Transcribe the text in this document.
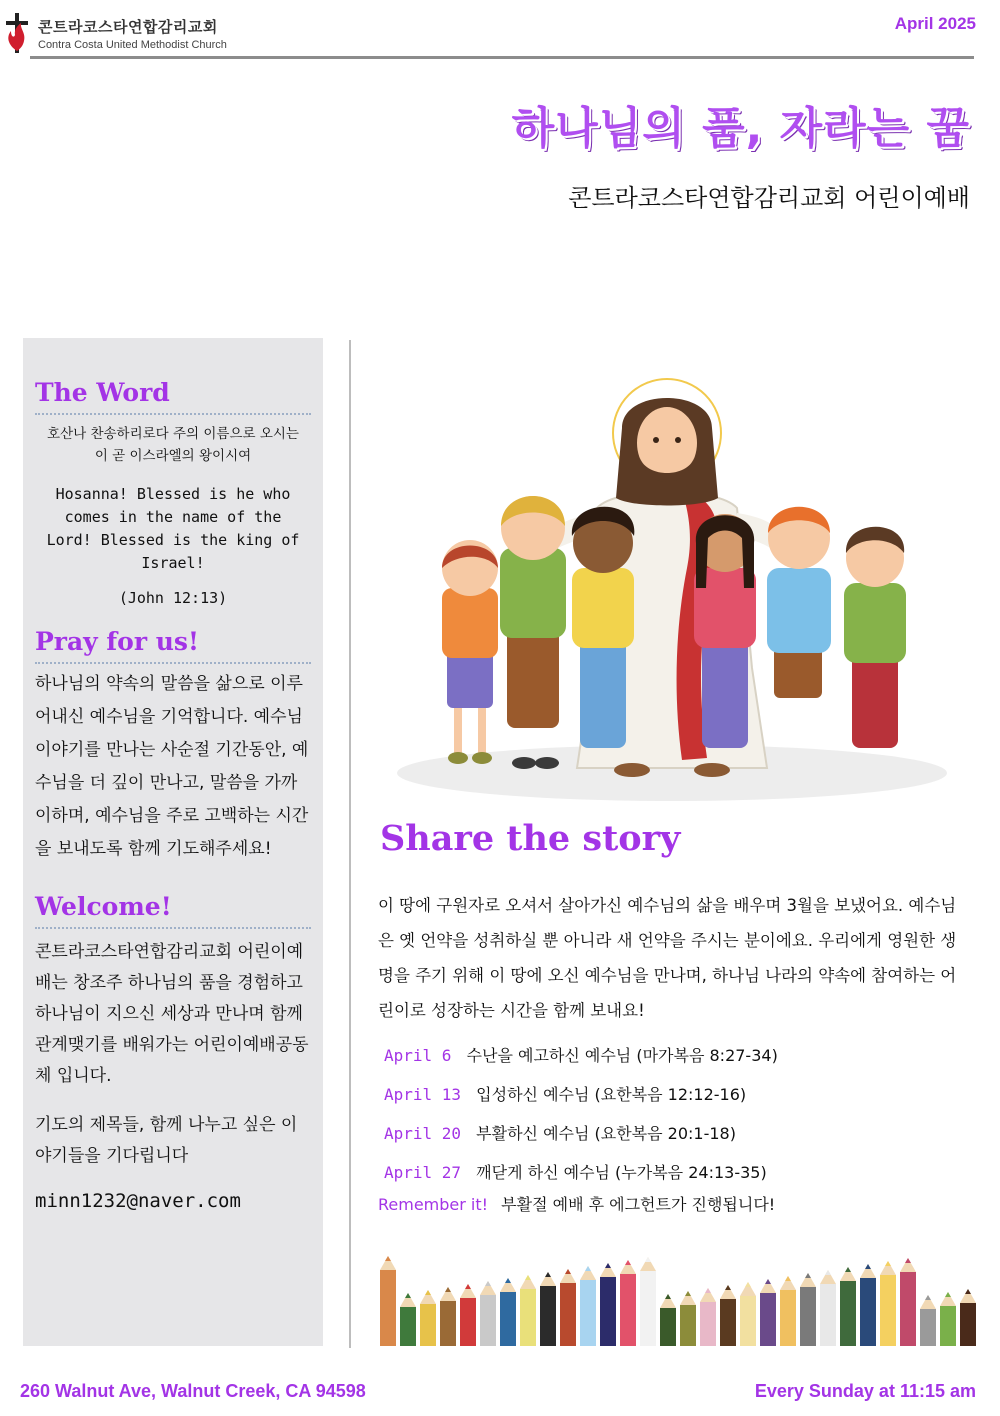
콘트라코스타연합감리교회
Contra Costa United Methodist Church
April 2025
하나님의 품, 자라는 꿈
콘트라코스타연합감리교회 어린이예배
The Word
호산나 찬송하리로다 주의 이름으로 오시는 이 곧 이스라엘의 왕이시여
Hosanna! Blessed is he who comes in the name of the Lord! Blessed is the king of Israel!
(John 12:13)
Pray for us!
하나님의 약속의 말씀을 삶으로 이루어내신 예수님을 기억합니다. 예수님 이야기를 만나는 사순절 기간동안, 예수님을 더 깊이 만나고, 말씀을 가까이하며, 예수님을 주로 고백하는 시간을 보내도록 함께 기도해주세요!
Welcome!
콘트라코스타연합감리교회 어린이예배는 창조주 하나님의 품을 경험하고 하나님이 지으신 세상과 만나며 함께 관계맺기를 배워가는 어린이예배공동체 입니다.
기도의 제목들, 함께 나누고 싶은 이야기들을 기다립니다
minn1232@naver.com
Share the story
이 땅에 구원자로 오셔서 살아가신 예수님의 삶을 배우며 3월을 보냈어요. 예수님은 옛 언약을 성취하실 뿐 아니라 새 언약을 주시는 분이에요. 우리에게 영원한 생명을 주기 위해 이 땅에 오신 예수님을 만나며, 하나님 나라의 약속에 참여하는 어린이로 성장하는 시간을 함께 보내요!
April 6 수난을 예고하신 예수님 (마가복음 8:27-34)
April 13 입성하신 예수님 (요한복음 12:12-16)
April 20 부활하신 예수님 (요한복음 20:1-18)
April 27 깨닫게 하신 예수님 (누가복음 24:13-35)
Remember it! 부활절 예배 후 에그헌트가 진행됩니다!
260 Walnut Ave, Walnut Creek, CA 94598	Every Sunday at 11:15 am
